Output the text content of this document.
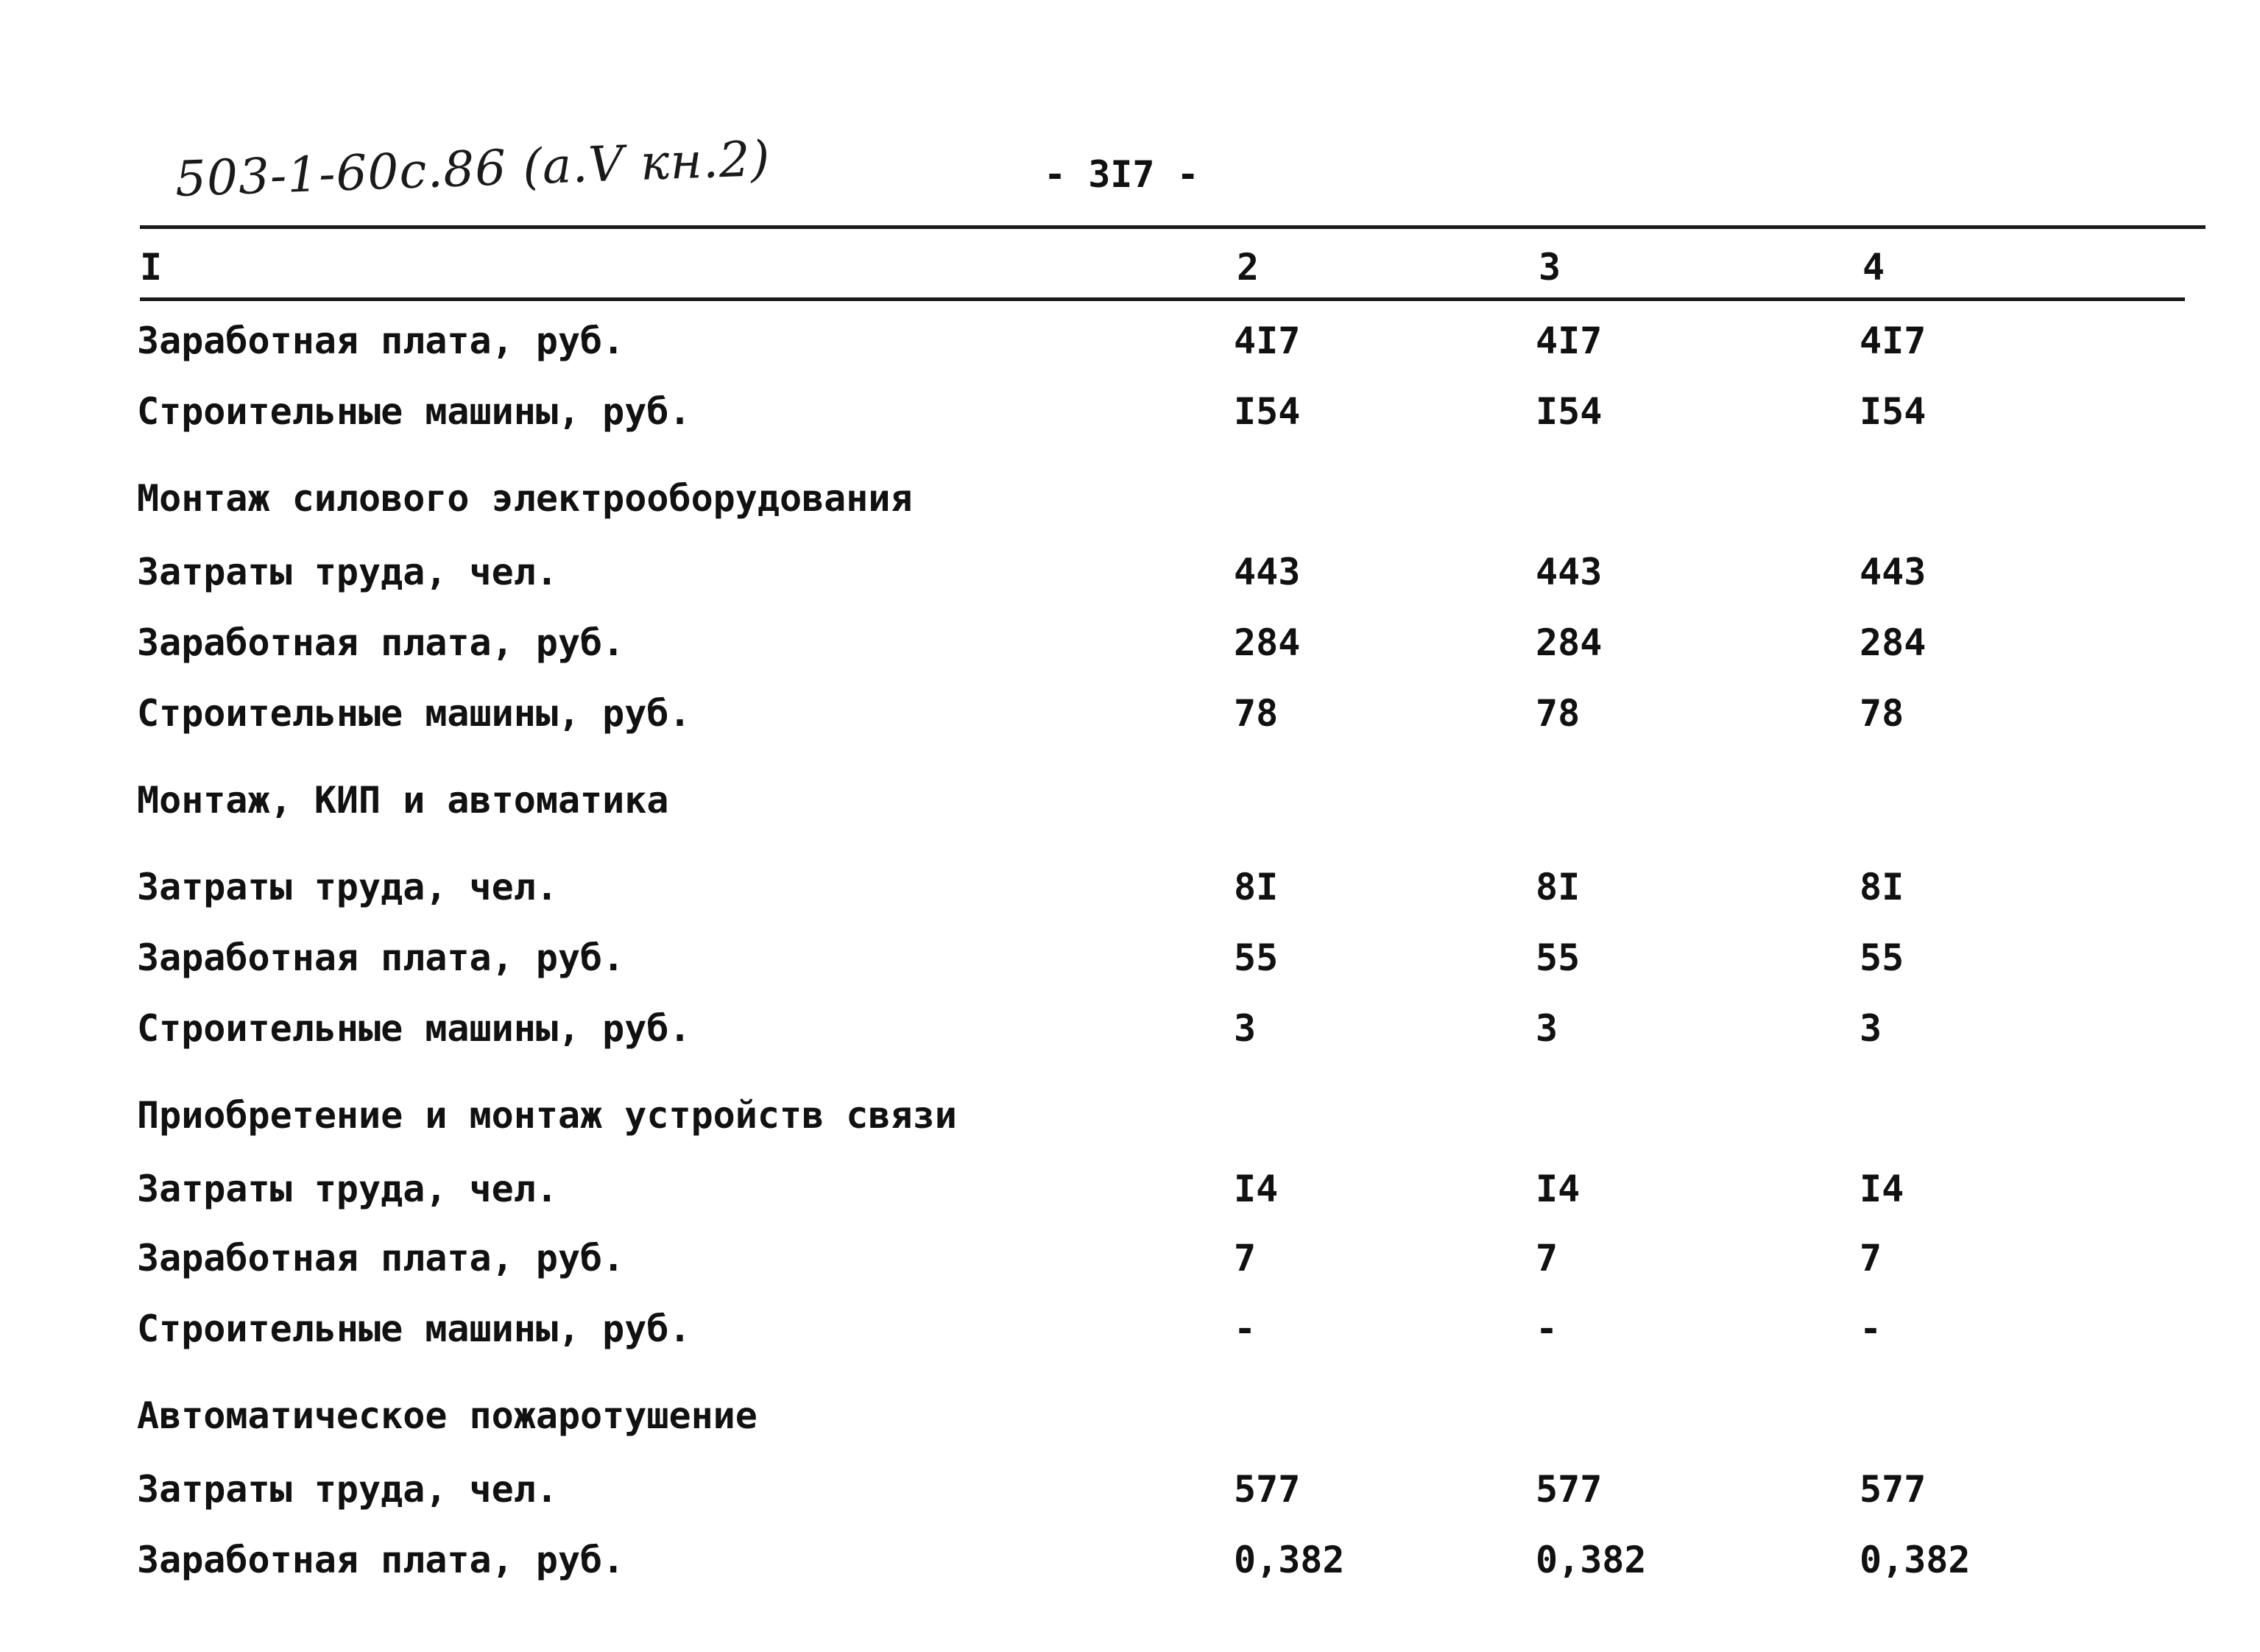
503-1-60с.86 (а.V кн.2)	- 3I7 -
I	2	3	4
Заработная плата, руб.	4I7	4I7	4I7
Строительные машины, руб.	I54	I54	I54
Монтаж силового электрооборудования
Затраты труда, чел.	443	443	443
Заработная плата, руб.	284	284	284
Строительные машины, руб.	78	78	78
Монтаж, КИП и автоматика
Затраты труда, чел.	8I	8I	8I
Заработная плата, руб.	55	55	55
Строительные машины, руб.	3	3	3
Приобретение и монтаж устройств связи
Затраты труда, чел.	I4	I4	I4
Заработная плата, руб.	7	7	7
Строительные машины, руб.	-	-	-
Автоматическое пожаротушение
Затраты труда, чел.	577	577	577
Заработная плата, руб.	0,382	0,382	0,382
